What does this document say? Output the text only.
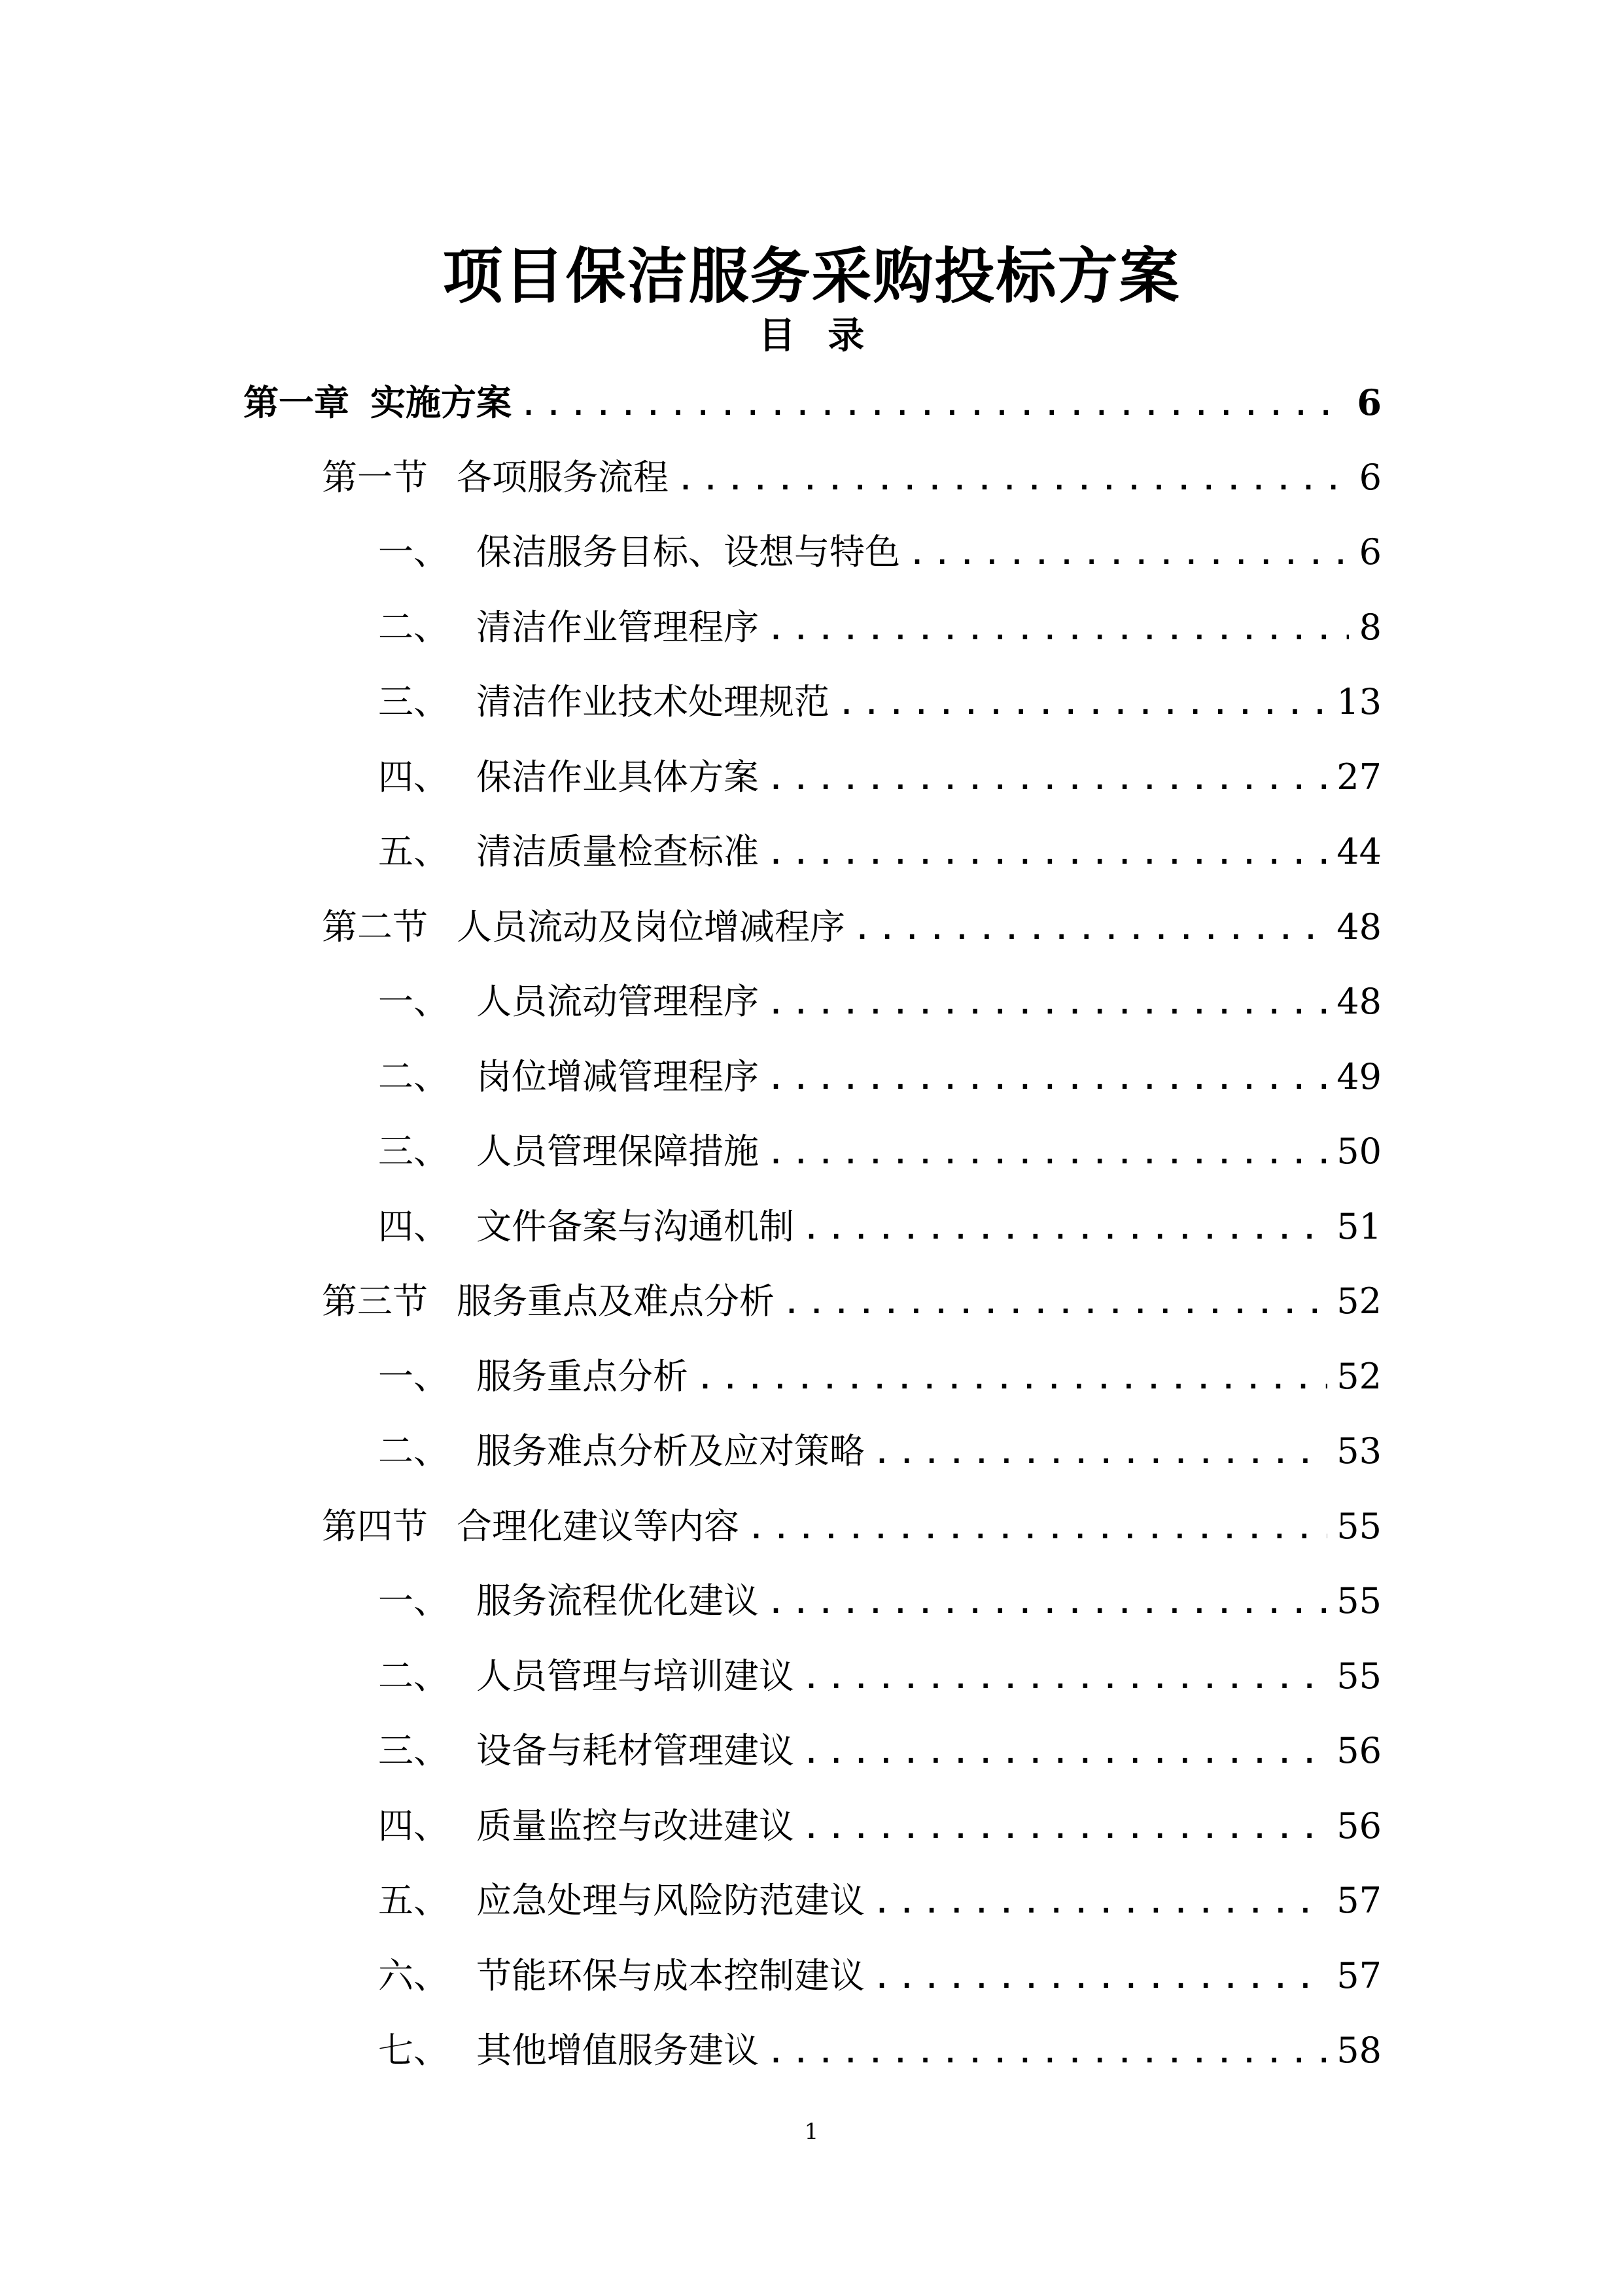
项目保洁服务采购投标方案
目 录
第一章 实施方案 .....	6
第一节 各项服务流程 .....	6
一、 保洁服务目标、设想与特色 .....	6
二、 清洁作业管理程序 .....	8
三、 清洁作业技术处理规范 .....	13
四、 保洁作业具体方案 .....	27
五、 清洁质量检查标准 .....	44
第二节 人员流动及岗位增减程序 .....	48
一、 人员流动管理程序 .....	48
二、 岗位增减管理程序 .....	49
三、 人员管理保障措施 .....	50
四、 文件备案与沟通机制 .....	51
第三节 服务重点及难点分析 .....	52
一、 服务重点分析 .....	52
二、 服务难点分析及应对策略 .....	53
第四节 合理化建议等内容 .....	55
一、 服务流程优化建议 .....	55
二、 人员管理与培训建议 .....	55
三、 设备与耗材管理建议 .....	56
四、 质量监控与改进建议 .....	56
五、 应急处理与风险防范建议 .....	57
六、 节能环保与成本控制建议 .....	57
七、 其他增值服务建议 .....	58
1
